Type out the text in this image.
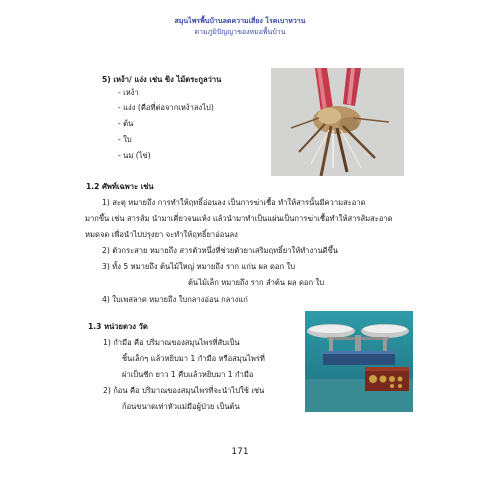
สมุนไพรพื้นบ้านลดความเสี่ยง โรคเบาหวาน
ตามภูมิปัญญาของหมอพื้นบ้าน
5) เหง้า/ แง่ง เช่น ขิง ไม้ตระกูลว่าน
- เหง้า
- แง่ง (คือที่ต่อจากเหง้าลงไป)
- ต้น
- ใบ
- นม (ไข่)
1.2 ศัพท์เฉพาะ เช่น
1) สะตุ หมายถึง การทำให้ฤทธิ์อ่อนลง เป็นการฆ่าเชื้อ ทำให้สารนั้นมีความสะอาด
มากขึ้น เช่น สารส้ม นำมาเคี่ยวจนแห้ง แล้วนำมาทำเป็นแผ่นเป็นการฆ่าเชื้อทำให้สารส้มสะอาด
หมดจด เพื่อนำไปปรุงยา จะทำให้ฤทธิ์ยาอ่อนลง
2) ตัวกระสาย หมายถึง สารตัวหนึ่งที่ช่วยตัวยาเสริมฤทธิ์ยาให้ทำงานดีขึ้น
3) ทั้ง 5 หมายถึง ต้นไม้ใหญ่ หมายถึง ราก แก่น ผล ดอก ใบ
ต้นไม้เล็ก หมายถึง ราก ลำต้น ผล ดอก ใบ
4) ใบเพสลาด หมายถึง ใบกลางอ่อน กลางแก่
1.3 หน่วยตวง วัด
1) กำมือ คือ ปริมาณของสมุนไพรที่สับเป็น
ชิ้นเล็กๆ แล้วหยิบมา 1 กำมือ หรือสมุนไพรที่
ผ่าเป็นซีก ยาว 1 คืบแล้วหยิบมา 1 กำมือ
2) ก้อน คือ ปริมาณของสมุนไพรที่จะนำไปใช้ เช่น
ก้อนขนาดเท่าหัวแม่มือผู้ป่วย เป็นต้น
171
